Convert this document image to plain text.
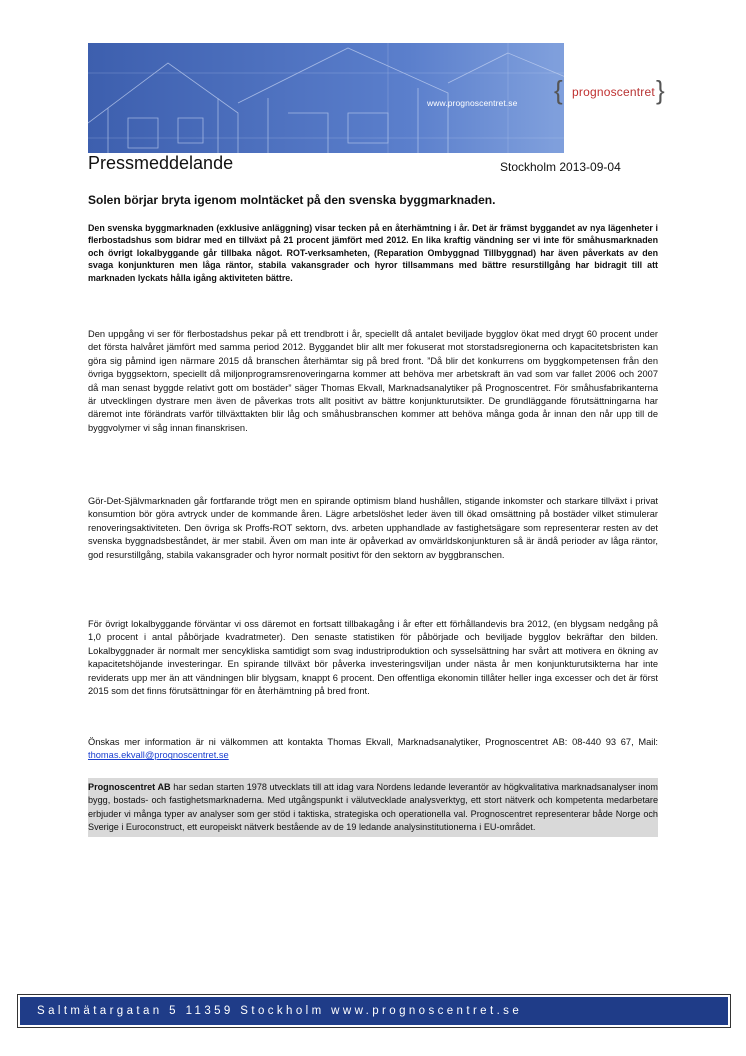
www.prognoscentret.se { prognoscentret }
Pressmeddelande	Stockholm 2013-09-04
Solen börjar bryta igenom molntäcket på den svenska byggmarknaden.

Den svenska byggmarknaden (exklusive anläggning) visar tecken på en återhämtning i år. Det är främst byggandet av nya lägenheter i flerbostadshus som bidrar med en tillväxt på 21 procent jämfört med 2012. En lika kraftig vändning ser vi inte för småhusmarknaden och övrigt lokalbyggande går tillbaka något. ROT-verksamheten, (Reparation Ombyggnad Tillbyggnad) har även påverkats av den svaga konjunkturen men låga räntor, stabila vakansgrader och hyror tillsammans med bättre resurstillgång har bidragit till att marknaden lyckats hålla igång aktiviteten bättre.

Den uppgång vi ser för flerbostadshus pekar på ett trendbrott i år, speciellt då antalet beviljade bygglov ökat med drygt 60 procent under det första halvåret jämfört med samma period 2012. Byggandet blir allt mer fokuserat mot storstadsregionerna och kapacitetsbristen kan göra sig påmind igen närmare 2015 då branschen återhämtar sig på bred front. ”Då blir det konkurrens om byggkompetensen från den övriga byggsektorn, speciellt då miljonprogramsrenoveringarna kommer att behöva mer arbetskraft än vad som var fallet 2006 och 2007 då man senast byggde relativt gott om bostäder” säger Thomas Ekvall, Marknadsanalytiker på Prognoscentret. För småhusfabrikanterna är utvecklingen dystrare men även de påverkas trots allt positivt av bättre konjunkturutsikter. De grundläggande förutsättningarna har däremot inte förändrats varför tillväxttakten blir låg och småhusbranschen kommer att behöva många goda år innan den når upp till de byggvolymer vi såg innan finanskrisen.

Gör-Det-Självmarknaden går fortfarande trögt men en spirande optimism bland hushållen, stigande inkomster och starkare tillväxt i privat konsumtion bör göra avtryck under de kommande åren. Lägre arbetslöshet leder även till ökad omsättning på bostäder vilket stimulerar renoveringsaktiviteten. Den övriga sk Proffs-ROT sektorn, dvs. arbeten upphandlade av fastighetsägare som representerar resten av det svenska byggnadsbeståndet, är mer stabil. Även om man inte är opåverkad av omvärldskonjunkturen så är ändå perioder av låga räntor, god resurstillgång, stabila vakansgrader och hyror normalt positivt för den sektorn av byggbranschen.

För övrigt lokalbyggande förväntar vi oss däremot en fortsatt tillbakagång i år efter ett förhållandevis bra 2012, (en blygsam nedgång på 1,0 procent i antal påbörjade kvadratmeter). Den senaste statistiken för påbörjade och beviljade bygglov bekräftar den bilden. Lokalbyggnader är normalt mer sencykliska samtidigt som svag industriproduktion och sysselsättning har svårt att motivera en ökning av kapacitetshöjande investeringar. En spirande tillväxt bör påverka investeringsviljan under nästa år men konjunkturutsikterna har inte reviderats upp mer än att vändningen blir blygsam, knappt 6 procent. Den offentliga ekonomin tillåter heller inga excesser och det är först 2015 som det finns förutsättningar för en återhämtning på bred front.

Önskas mer information är ni välkommen att kontakta Thomas Ekvall, Marknadsanalytiker, Prognoscentret AB: 08-440 93 67, Mail: thomas.ekvall@prognoscentret.se

Prognoscentret AB har sedan starten 1978 utvecklats till att idag vara Nordens ledande leverantör av högkvalitativa marknadsanalyser inom bygg, bostads- och fastighetsmarknaderna. Med utgångspunkt i välutvecklade analysverktyg, ett stort nätverk och kompetenta medarbetare erbjuder vi många typer av analyser som ger stöd i taktiska, strategiska och operationella val. Prognoscentret representerar både Norge och Sverige i Euroconstruct, ett europeiskt nätverk bestående av de 19 ledande analysinstitutionerna i EU-området.
Saltmätargatan 5 11359 Stockholm www.prognoscentret.se
